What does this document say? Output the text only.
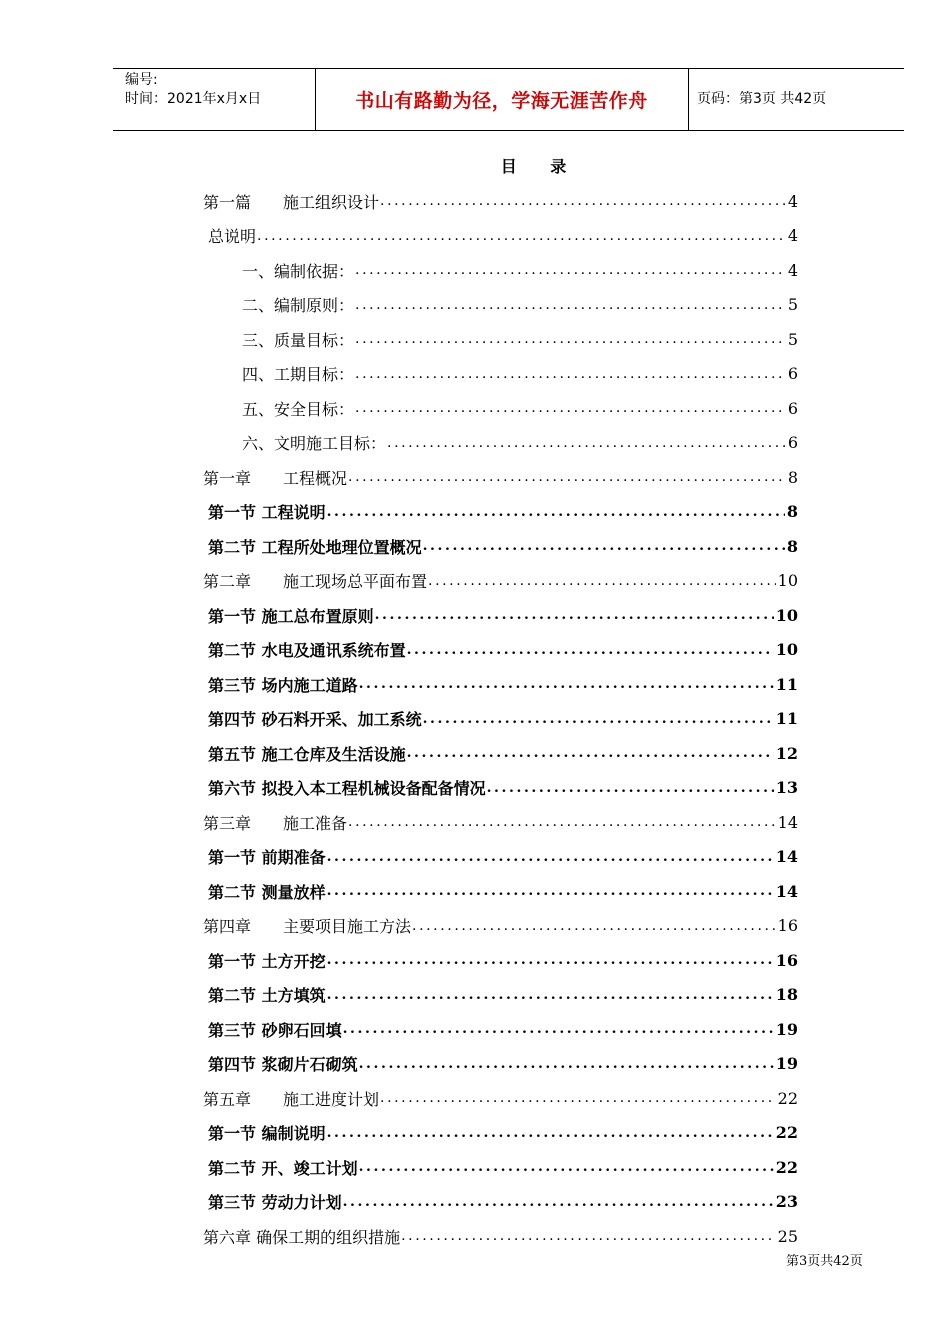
编号:
时间：2021年x月x日	书山有路勤为径，学海无涯苦作舟	页码：第3页 共42页
目 录
第一篇　　施工组织设计 .....	4
总说明 .....	4
一、编制依据： .....	4
二、编制原则： .....	5
三、质量目标： .....	5
四、工期目标： .....	6
五、安全目标： .....	6
六、文明施工目标： .....	6
第一章　　工程概况 .....	8
第一节 工程说明 .....	8
第二节 工程所处地理位置概况 .....	8
第二章　　施工现场总平面布置 .....	10
第一节 施工总布置原则 .....	10
第二节 水电及通讯系统布置 .....	10
第三节 场内施工道路 .....	11
第四节 砂石料开采、加工系统 .....	11
第五节 施工仓库及生活设施 .....	12
第六节 拟投入本工程机械设备配备情况 .....	13
第三章　　施工准备 .....	14
第一节 前期准备 .....	14
第二节 测量放样 .....	14
第四章　　主要项目施工方法 .....	16
第一节 土方开挖 .....	16
第二节 土方填筑 .....	18
第三节 砂卵石回填 .....	19
第四节 浆砌片石砌筑 .....	19
第五章　　施工进度计划 .....	22
第一节 编制说明 .....	22
第二节 开、竣工计划 .....	22
第三节 劳动力计划 .....	23
第六章 确保工期的组织措施 .....	25
第3页共42页
